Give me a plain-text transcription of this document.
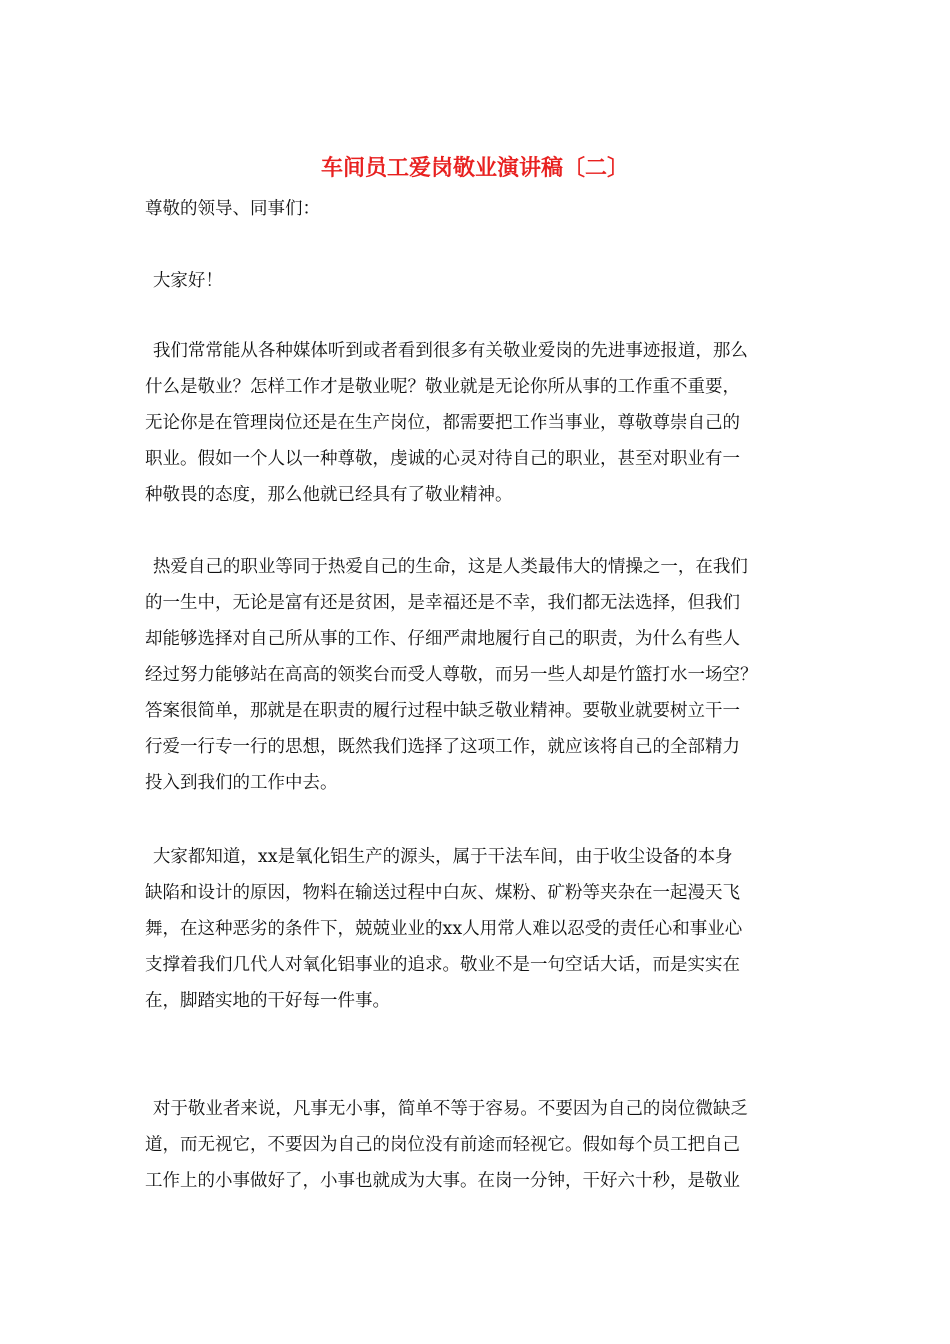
车间员工爱岗敬业演讲稿〔二〕

尊敬的领导、同事们：

大家好！

我们常常能从各种媒体听到或者看到很多有关敬业爱岗的先进事迹报道，那么
什么是敬业？怎样工作才是敬业呢？敬业就是无论你所从事的工作重不重要，
无论你是在管理岗位还是在生产岗位，都需要把工作当事业，尊敬尊崇自己的
职业。假如一个人以一种尊敬，虔诚的心灵对待自己的职业，甚至对职业有一
种敬畏的态度，那么他就已经具有了敬业精神。
热爱自己的职业等同于热爱自己的生命，这是人类最伟大的情操之一，在我们
的一生中，无论是富有还是贫困，是幸福还是不幸，我们都无法选择，但我们
却能够选择对自己所从事的工作、仔细严肃地履行自己的职责，为什么有些人
经过努力能够站在高高的领奖台而受人尊敬，而另一些人却是竹篮打水一场空？
答案很简单，那就是在职责的履行过程中缺乏敬业精神。要敬业就要树立干一
行爱一行专一行的思想，既然我们选择了这项工作，就应该将自己的全部精力
投入到我们的工作中去。
大家都知道，xx是氧化铝生产的源头，属于干法车间，由于收尘设备的本身
缺陷和设计的原因，物料在输送过程中白灰、煤粉、矿粉等夹杂在一起漫天飞
舞，在这种恶劣的条件下，兢兢业业的xx人用常人难以忍受的责任心和事业心
支撑着我们几代人对氧化铝事业的追求。敬业不是一句空话大话，而是实实在
在，脚踏实地的干好每一件事。
对于敬业者来说，凡事无小事，简单不等于容易。不要因为自己的岗位微缺乏
道，而无视它，不要因为自己的岗位没有前途而轻视它。假如每个员工把自己
工作上的小事做好了，小事也就成为大事。在岗一分钟，干好六十秒，是敬业
